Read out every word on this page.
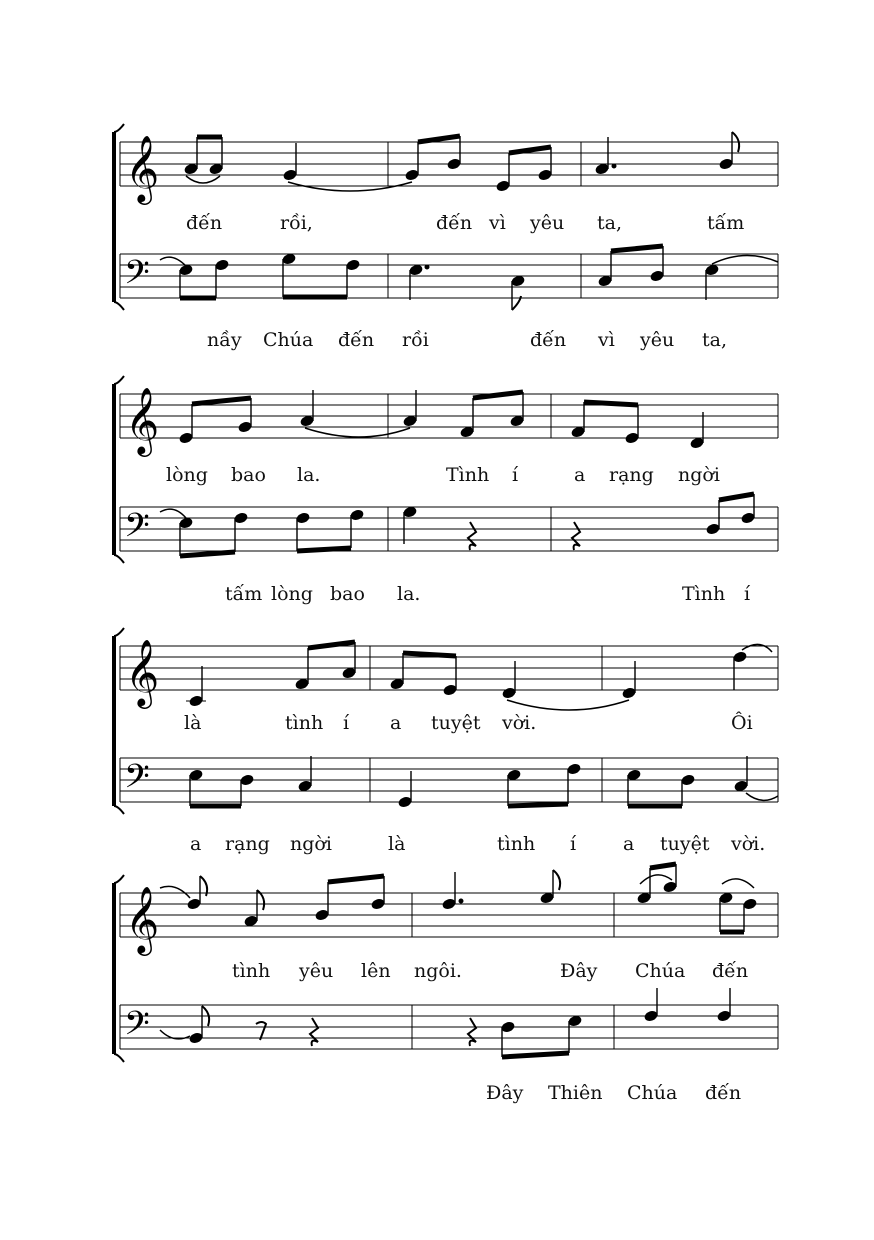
𝄞
đến	rồi,	đến vì yêu ta,	tấm
𝄢
nầy Chúa đến rồi	đến vì yêu ta,
𝄞
lòng bao la.	Tình í	a rạng ngời
𝄢
tấm lòng bao la.	Tình í
𝄞
là	tình í a tuyệt vời.	Ôi
𝄢
a rạng ngời	là	tình í a tuyệt vời.
𝄞
tình yêu lên ngôi.	Đây Chúa đến
𝄢
Đây Thiên Chúa đến
